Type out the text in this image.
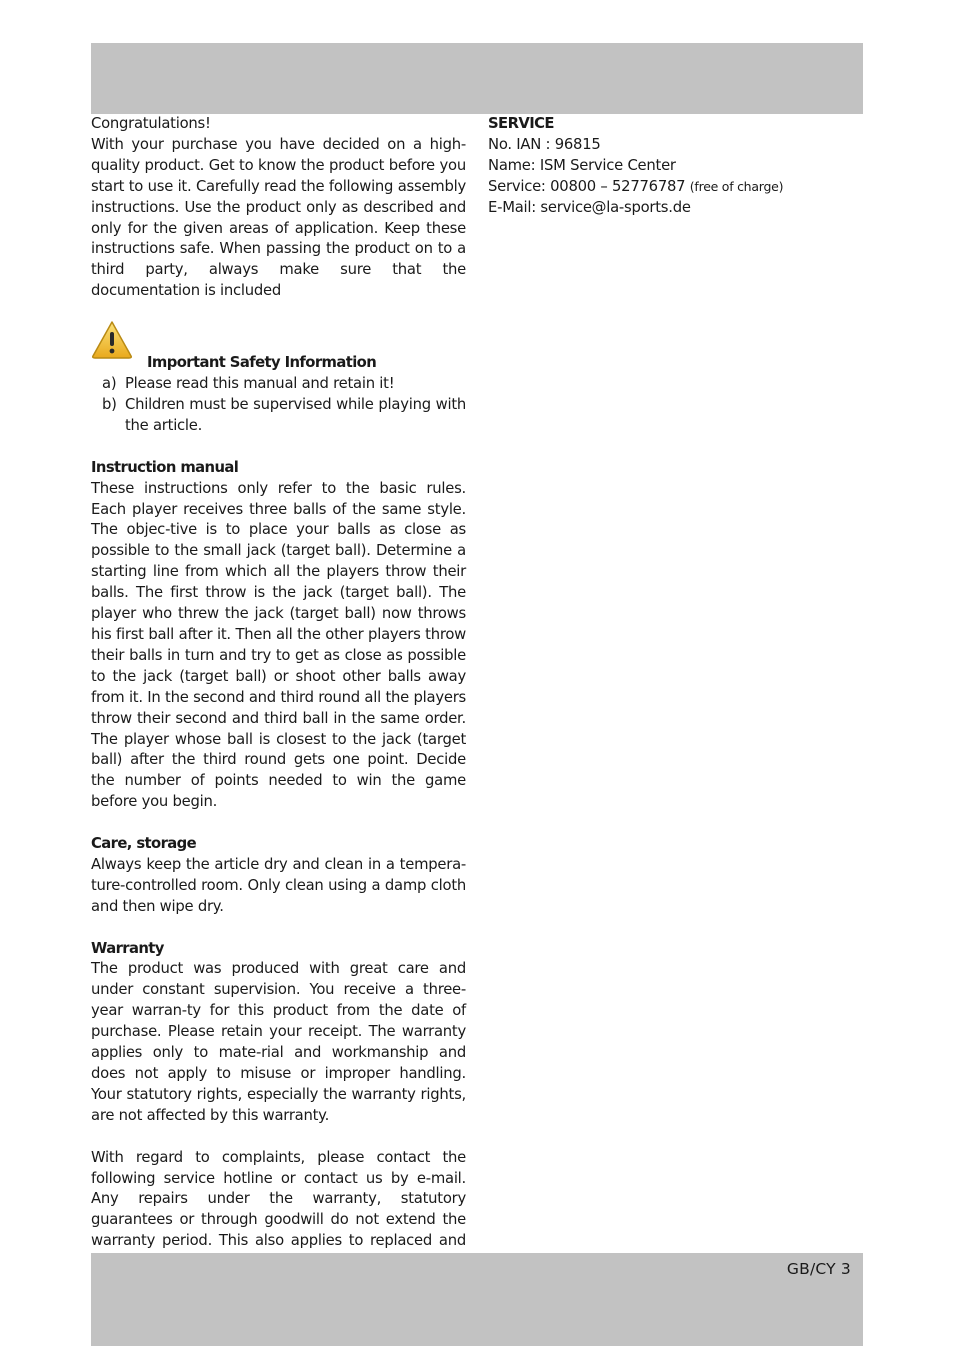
Congratulations!

With your purchase you have decided on a high-quality product. Get to know the product before you start to use it. Carefully read the following assembly instructions. Use the product only as described and only for the given areas of application. Keep these instructions safe. When passing the product on to a third party, always make sure that the documentation is included

Important Safety Information
a) Please read this manual and retain it!
b) Children must be supervised while playing with the article.

Instruction manual

These instructions only refer to the basic rules. Each player receives three balls of the same style. The objec-tive is to place your balls as close as possible to the small jack (target ball). Determine a starting line from which all the players throw their balls. The first throw is the jack (target ball). The player who threw the jack (target ball) now throws his first ball after it. Then all the other players throw their balls in turn and try to get as close as possible to the jack (target ball) or shoot other balls away from it. In the second and third round all the players throw their second and third ball in the same order. The player whose ball is closest to the jack (target ball) after the third round gets one point. Decide the number of points needed to win the game before you begin.

Care, storage

Always keep the article dry and clean in a tempera-ture-controlled room. Only clean using a damp cloth and then wipe dry.

Warranty

The product was produced with great care and under constant supervision. You receive a three-year warran-ty for this product from the date of purchase. Please retain your receipt. The warranty applies only to mate-rial and workmanship and does not apply to misuse or improper handling. Your statutory rights, especially the warranty rights, are not affected by this warranty.

With regard to complaints, please contact the following service hotline or contact us by e-mail. Any repairs under the warranty, statutory guarantees or through goodwill do not extend the warranty period. This also applies to replaced and

SERVICE

No. IAN : 96815

Name: ISM Service Center

Service: 00800 – 52776787 (free of charge)

E-Mail: service@la-sports.de

GB/CY 3
